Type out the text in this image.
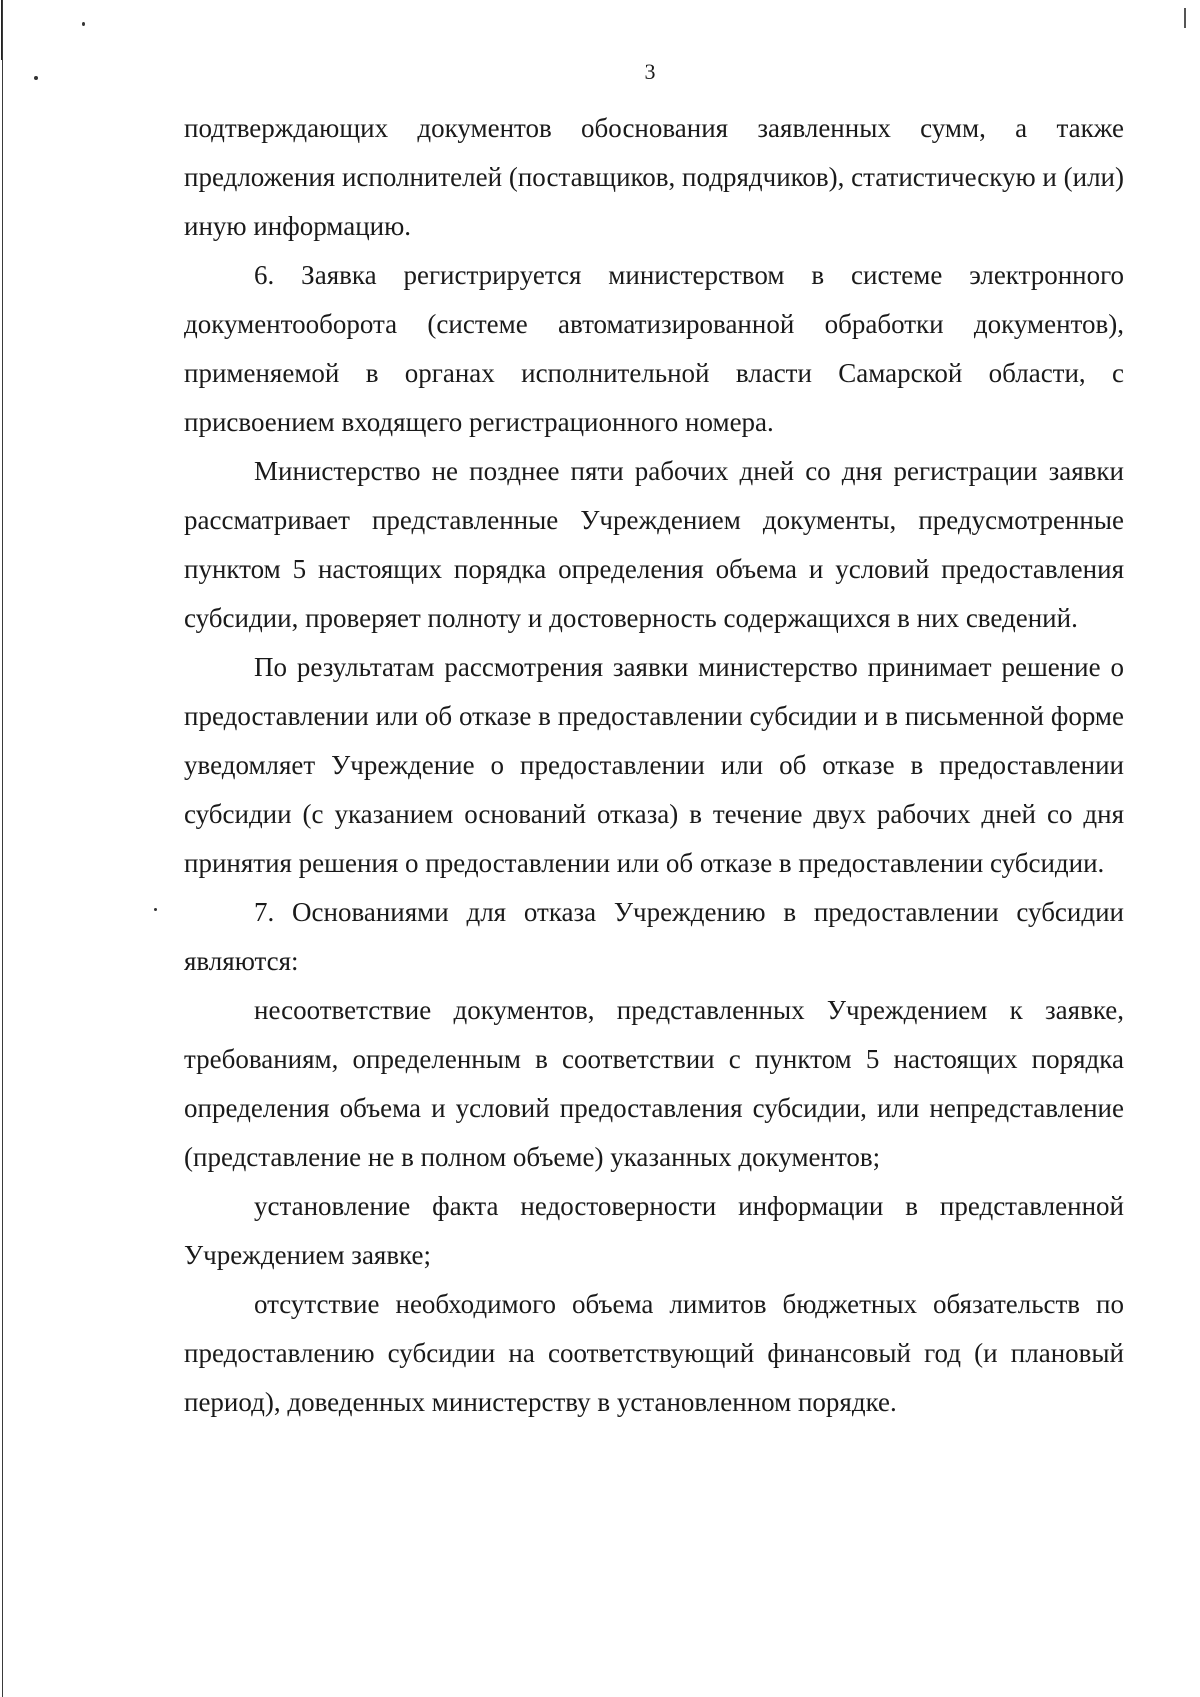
3

подтверждающих документов обоснования заявленных сумм, а также предложения исполнителей (поставщиков, подрядчиков), статистическую и (или) иную информацию.

6. Заявка регистрируется министерством в системе электронного документооборота (системе автоматизированной обработки документов), применяемой в органах исполнительной власти Самарской области, с присвоением входящего регистрационного номера.

Министерство не позднее пяти рабочих дней со дня регистрации заявки рассматривает представленные Учреждением документы, предусмотренные пунктом 5 настоящих порядка определения объема и условий предоставления субсидии, проверяет полноту и достоверность содержащихся в них сведений.

По результатам рассмотрения заявки министерство принимает решение о предоставлении или об отказе в предоставлении субсидии и в письменной форме уведомляет Учреждение о предоставлении или об отказе в предоставлении субсидии (с указанием оснований отказа) в течение двух рабочих дней со дня принятия решения о предоставлении или об отказе в предоставлении субсидии.

7. Основаниями для отказа Учреждению в предоставлении субсидии являются:

несоответствие документов, представленных Учреждением к заявке, требованиям, определенным в соответствии с пунктом 5 настоящих порядка определения объема и условий предоставления субсидии, или непредставление (представление не в полном объеме) указанных документов;

установление факта недостоверности информации в представленной Учреждением заявке;

отсутствие необходимого объема лимитов бюджетных обязательств по предоставлению субсидии на соответствующий финансовый год (и плановый период), доведенных министерству в установленном порядке.
